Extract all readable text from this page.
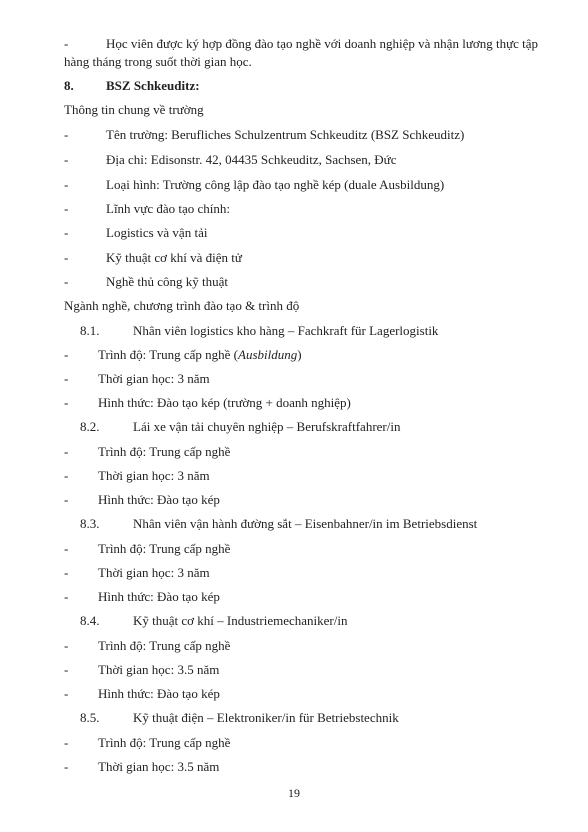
-	Học viên được ký hợp đồng đào tạo nghề với doanh nghiệp và nhận lương thực tập
hàng tháng trong suốt thời gian học.
8. BSZ Schkeuditz:
Thông tin chung về trường
-	Tên trường: Berufliches Schulzentrum Schkeuditz (BSZ Schkeuditz)
-	Địa chỉ: Edisonstr. 42, 04435 Schkeuditz, Sachsen, Đức
-	Loại hình: Trường công lập đào tạo nghề kép (duale Ausbildung)
-	Lĩnh vực đào tạo chính:
-	Logistics và vận tải
-	Kỹ thuật cơ khí và điện tử
-	Nghề thủ công kỹ thuật
Ngành nghề, chương trình đào tạo & trình độ
8.1.	Nhân viên logistics kho hàng – Fachkraft für Lagerlogistik
- Trình độ: Trung cấp nghề (Ausbildung)
- Thời gian học: 3 năm
- Hình thức: Đào tạo kép (trường + doanh nghiệp)
8.2.	Lái xe vận tải chuyên nghiệp – Berufskraftfahrer/in
- Trình độ: Trung cấp nghề
- Thời gian học: 3 năm
- Hình thức: Đào tạo kép
8.3.	Nhân viên vận hành đường sắt – Eisenbahner/in im Betriebsdienst
- Trình độ: Trung cấp nghề
- Thời gian học: 3 năm
- Hình thức: Đào tạo kép
8.4.	Kỹ thuật cơ khí – Industriemechaniker/in
- Trình độ: Trung cấp nghề
- Thời gian học: 3.5 năm
- Hình thức: Đào tạo kép
8.5.	Kỹ thuật điện – Elektroniker/in für Betriebstechnik
- Trình độ: Trung cấp nghề
- Thời gian học: 3.5 năm
19
